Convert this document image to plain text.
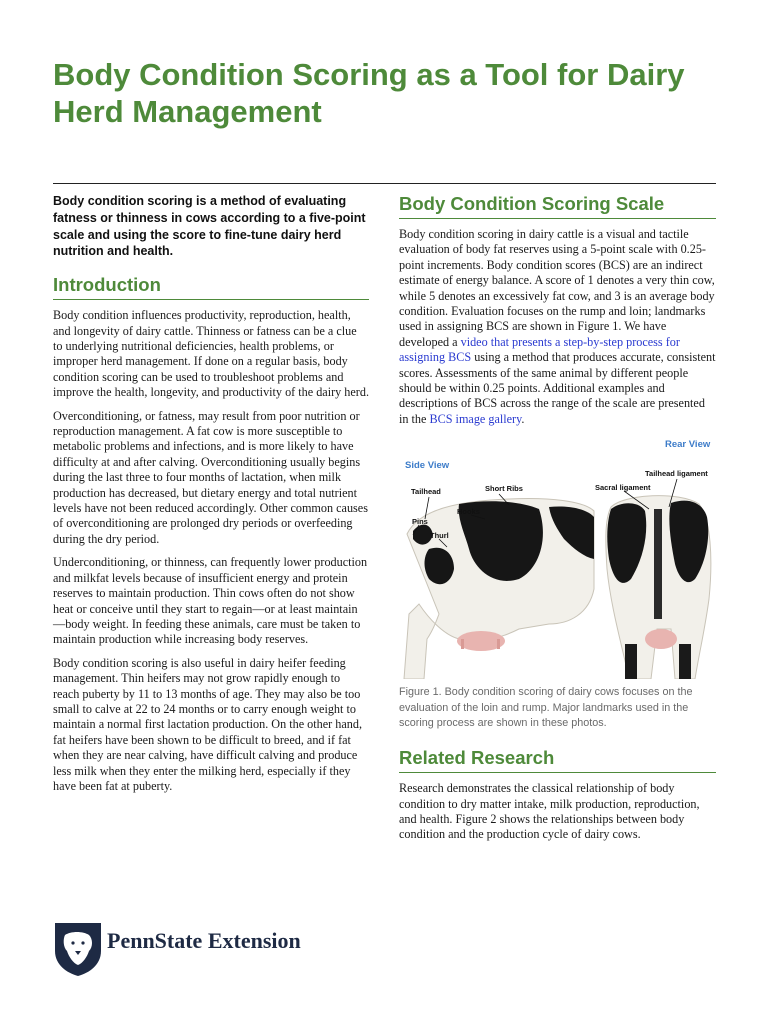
Body Condition Scoring as a Tool for Dairy Herd Management

Body condition scoring is a method of evaluating fatness or thinness in cows according to a five-point scale and using the score to fine-tune dairy herd nutrition and health.

Introduction

Body condition influences productivity, reproduction, health, and longevity of dairy cattle. Thinness or fatness can be a clue to underlying nutritional deficiencies, health problems, or improper herd management. If done on a regular basis, body condition scoring can be used to troubleshoot problems and improve the health, longevity, and productivity of the dairy herd.

Overconditioning, or fatness, may result from poor nutrition or reproduction management. A fat cow is more susceptible to metabolic problems and infections, and is more likely to have difficulty at and after calving. Overconditioning usually begins during the last three to four months of lactation, when milk production has decreased, but dietary energy and total nutrient levels have not been reduced accordingly. Other common causes of overconditioning are prolonged dry periods or overfeeding during the dry period.

Underconditioning, or thinness, can frequently lower production and milkfat levels because of insufficient energy and protein reserves to maintain production. Thin cows often do not show heat or conceive until they start to regain—or at least maintain—body weight. In feeding these animals, care must be taken to maintain production while increasing body reserves.

Body condition scoring is also useful in dairy heifer feeding management. Thin heifers may not grow rapidly enough to reach puberty by 11 to 13 months of age. They may also be too small to calve at 22 to 24 months or to carry enough weight to maintain a normal first lactation production. On the other hand, fat heifers have been shown to be difficult to breed, and if fat when they are near calving, have difficult calving and produce less milk when they enter the milking herd, especially if they have been fat at puberty.

Body Condition Scoring Scale

Body condition scoring in dairy cattle is a visual and tactile evaluation of body fat reserves using a 5-point scale with 0.25-point increments. Body condition scores (BCS) are an indirect estimate of energy balance. A score of 1 denotes a very thin cow, while 5 denotes an excessively fat cow, and 3 is an average body condition. Evaluation focuses on the rump and loin; landmarks used in assigning BCS are shown in Figure 1. We have developed a video that presents a step-by-step process for assigning BCS using a method that produces accurate, consistent scores. Assessments of the same animal by different people should be within 0.25 points. Additional examples and descriptions of BCS across the range of the scale are presented in the BCS image gallery.

Side View
Rear View
Tailhead	Short Ribs
Hooks
Pins
Thurl
Sacral ligament
Tailhead ligament

Figure 1. Body condition scoring of dairy cows focuses on the evaluation of the loin and rump. Major landmarks used in the scoring process are shown in these photos.

Related Research

Research demonstrates the classical relationship of body condition to dry matter intake, milk production, reproduction, and health. Figure 2 shows the relationships between body condition and the production cycle of dairy cows.

PennState Extension
